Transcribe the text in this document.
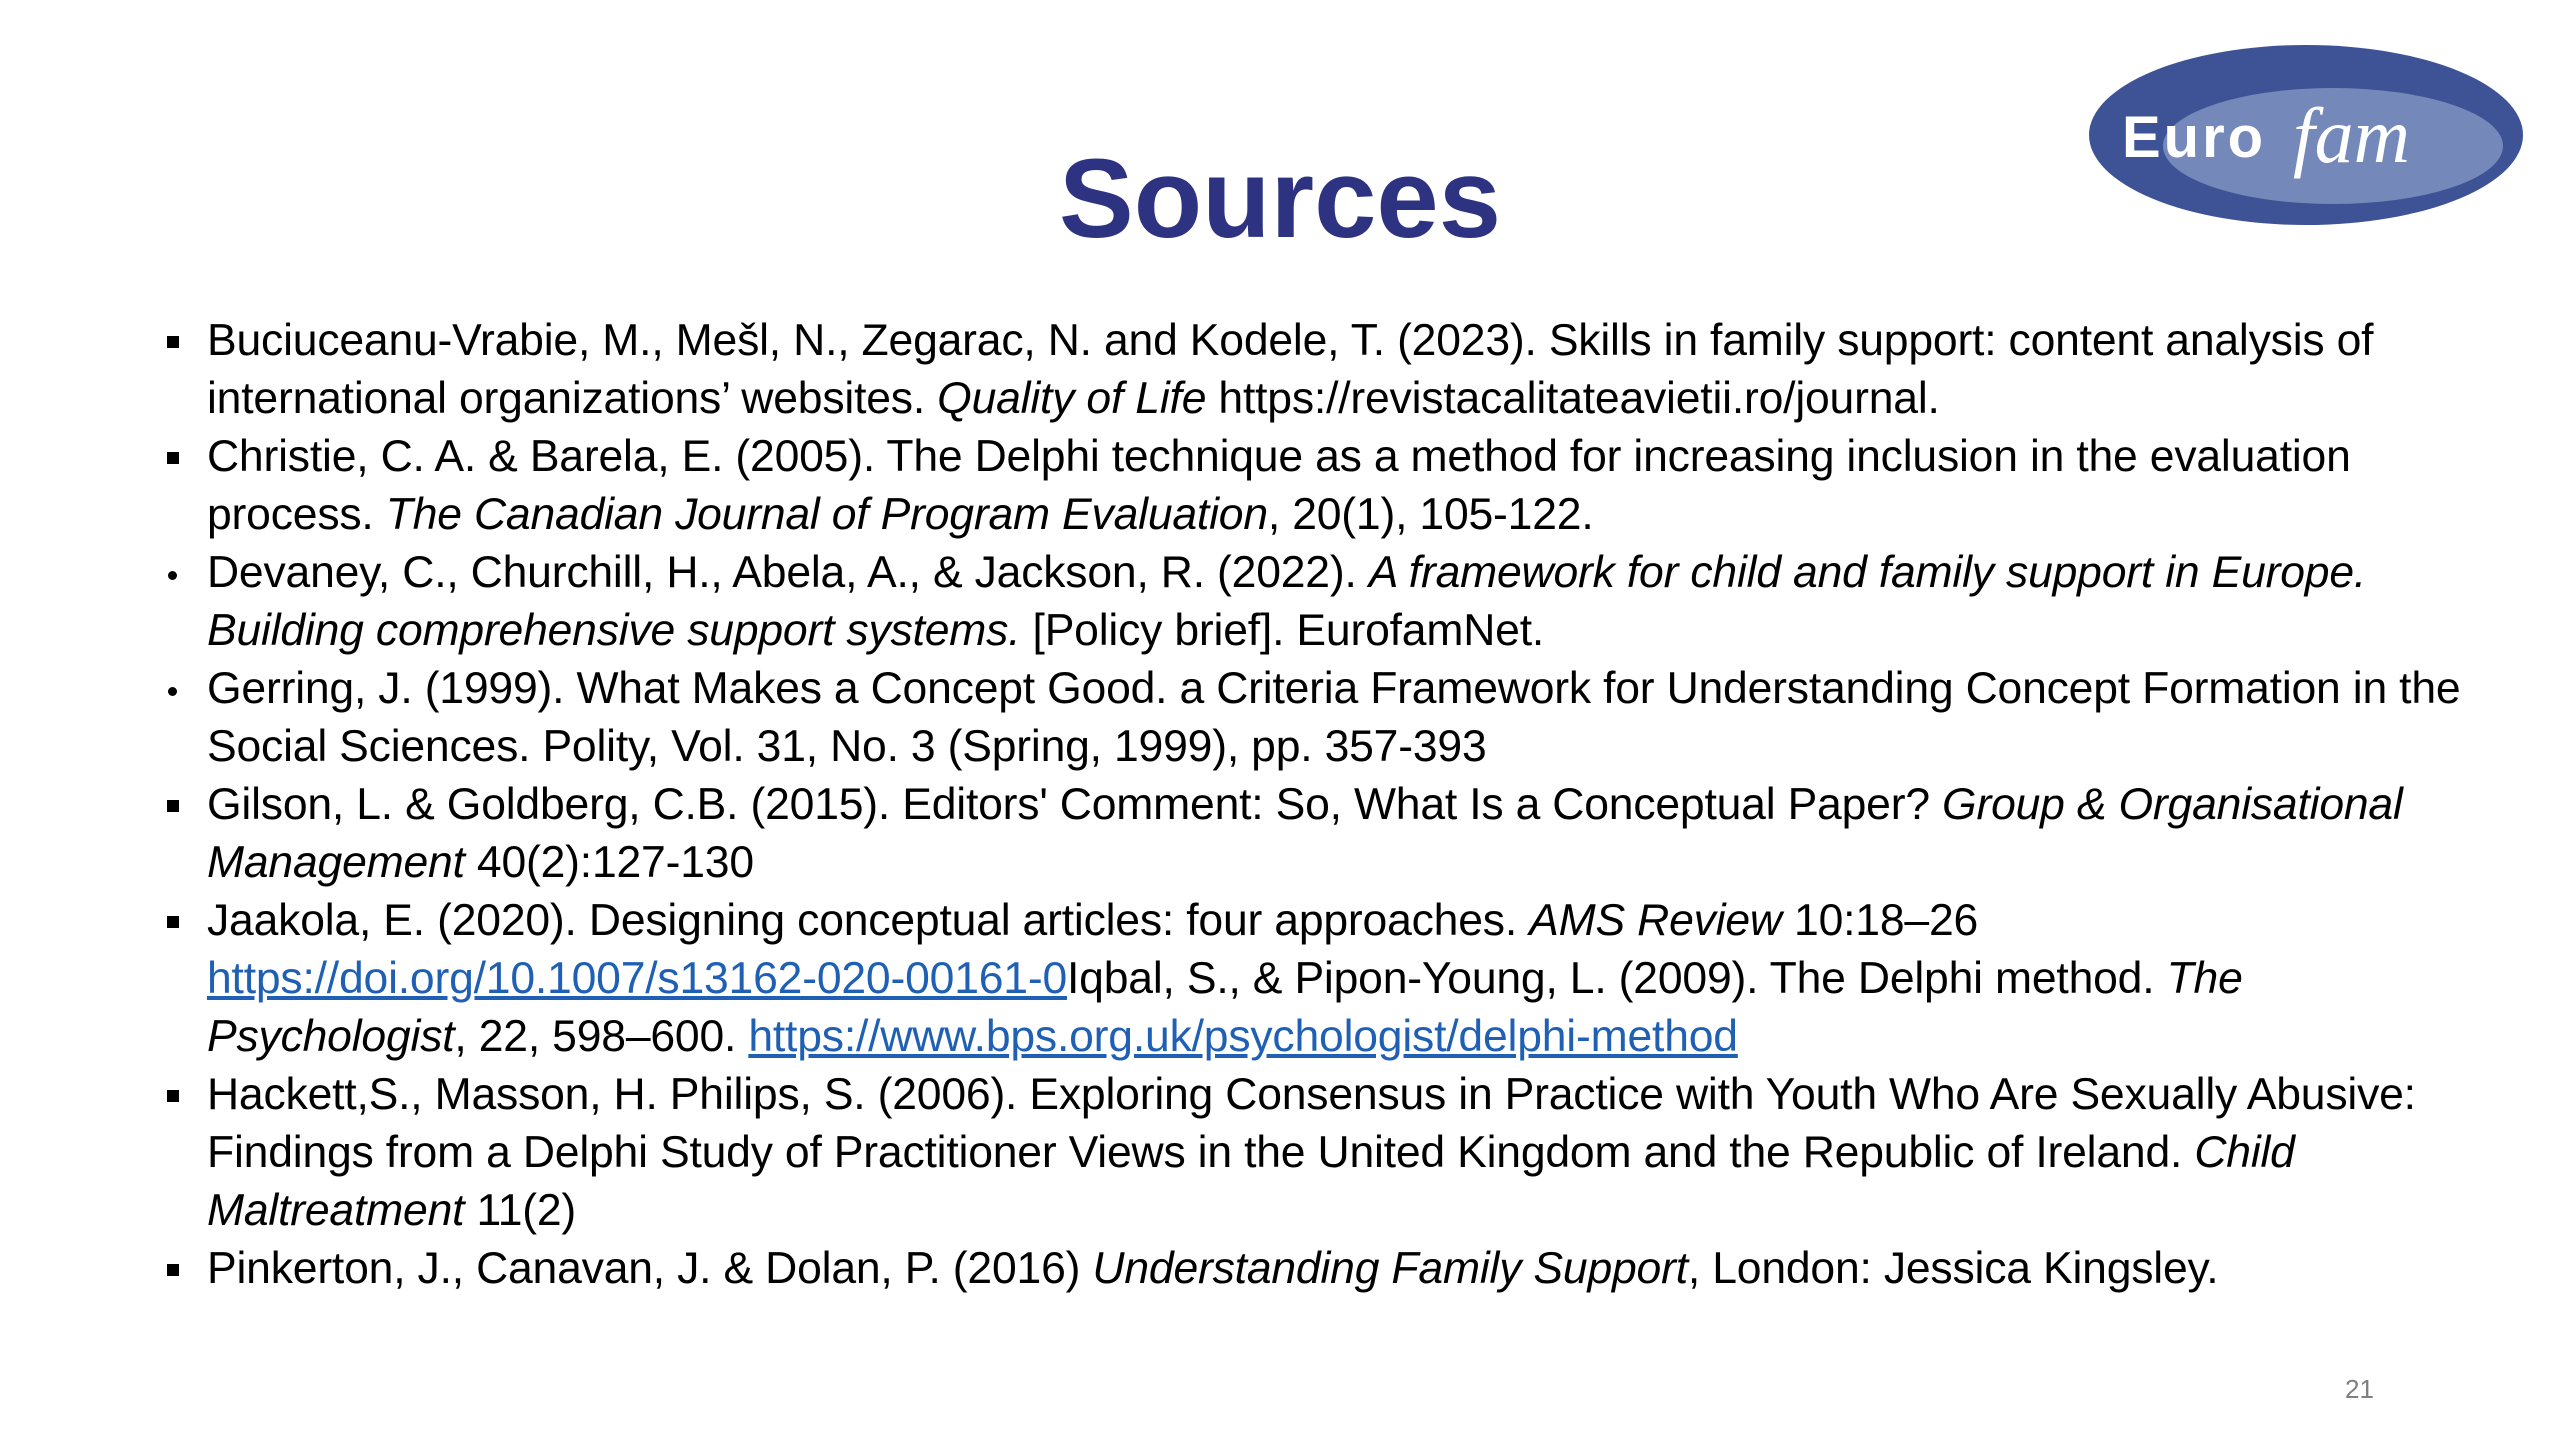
Euro fam
Sources
Buciuceanu-Vrabie, M., Mešl, N., Zegarac, N. and Kodele, T. (2023). Skills in family support: content analysis of international organizations’ websites. Quality of Life https://revistacalitateavietii.ro/journal.
Christie, C. A. & Barela, E. (2005). The Delphi technique as a method for increasing inclusion in the evaluation process. The Canadian Journal of Program Evaluation, 20(1), 105-122.
Devaney, C., Churchill, H., Abela, A., & Jackson, R. (2022). A framework for child and family support in Europe. Building comprehensive support systems. [Policy brief]. EurofamNet.
Gerring, J. (1999). What Makes a Concept Good. a Criteria Framework for Understanding Concept Formation in the Social Sciences. Polity, Vol. 31, No. 3 (Spring, 1999), pp. 357-393
Gilson, L. & Goldberg, C.B. (2015). Editors' Comment: So, What Is a Conceptual Paper? Group & Organisational Management 40(2):127-130
Jaakola, E. (2020). Designing conceptual articles: four approaches. AMS Review 10:18–26 https://doi.org/10.1007/s13162-020-00161-0Iqbal, S., & Pipon-Young, L. (2009). The Delphi method. The Psychologist, 22, 598–600. https://www.bps.org.uk/psychologist/delphi-method
Hackett,S., Masson, H. Philips, S. (2006). Exploring Consensus in Practice with Youth Who Are Sexually Abusive: Findings from a Delphi Study of Practitioner Views in the United Kingdom and the Republic of Ireland. Child Maltreatment 11(2)
Pinkerton, J., Canavan, J. & Dolan, P. (2016) Understanding Family Support, London: Jessica Kingsley.
21
